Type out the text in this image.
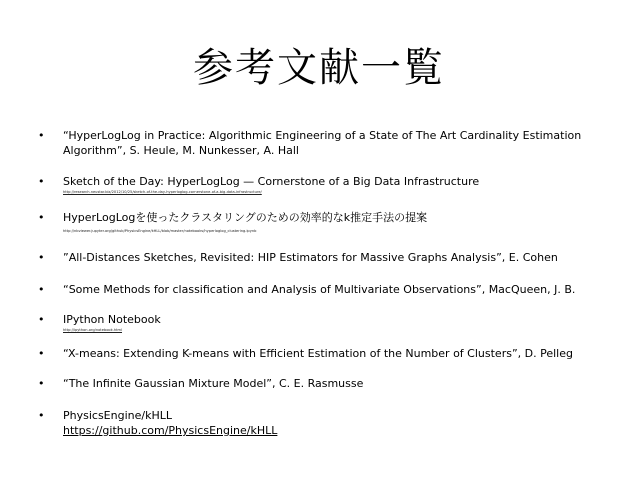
参考文献一覧
• “HyperLogLog in Practice: Algorithmic Engineering of a State of The Art Cardinality Estimation Algorithm”, S. Heule, M. Nunkesser, A. Hall
• Sketch of the Day: HyperLogLog — Cornerstone of a Big Data Infrastructure
http://research.neustar.biz/2012/10/25/sketch-of-the-day-hyperloglog-cornerstone-of-a-big-data-infrastructure/
• HyperLogLogを使ったクラスタリングのための効率的なk推定手法の提案
http://nbviewer.jupyter.org/github/PhysicsEngine/kHLL/blob/master/notebooks/hyperloglog_clustering.ipynb
• ”All-Distances Sketches, Revisited: HIP Estimators for Massive Graphs Analysis”, E. Cohen
• “Some Methods for classification and Analysis of Multivariate Observations”, MacQueen, J. B.
• IPython Notebook
http://ipython.org/notebook.html
• “X-means: Extending K-means with Efficient Estimation of the Number of Clusters”, D. Pelleg
• “The Infinite Gaussian Mixture Model”, C. E. Rasmusse
• PhysicsEngine/kHLL
https://github.com/PhysicsEngine/kHLL
